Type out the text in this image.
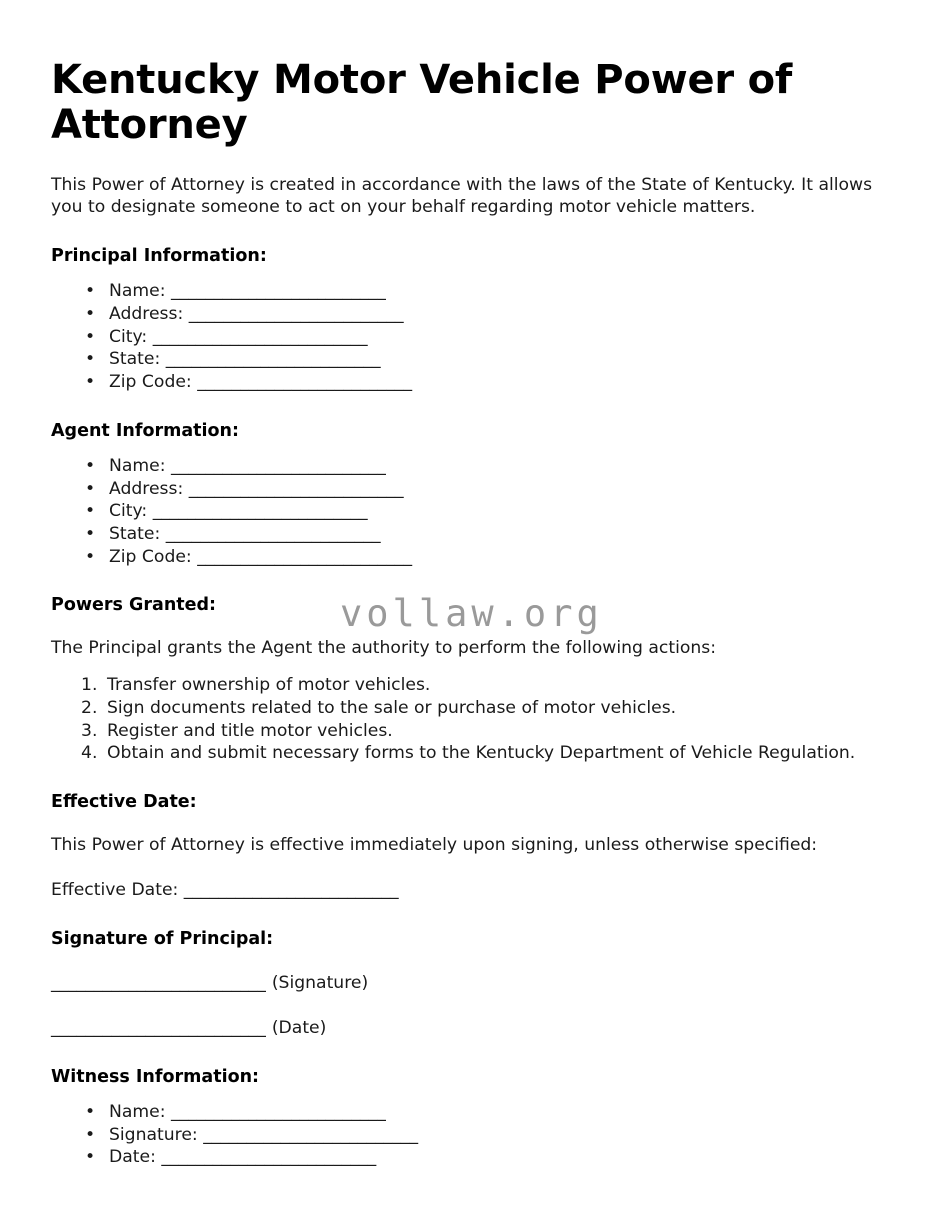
vollaw.org
Kentucky Motor Vehicle Power of Attorney

This Power of Attorney is created in accordance with the laws of the State of Kentucky. It allows you to designate someone to act on your behalf regarding motor vehicle matters.

Principal Information:
• Name: _________________________
• Address: _________________________
• City: _________________________
• State: _________________________
• Zip Code: _________________________
Agent Information:
• Name: _________________________
• Address: _________________________
• City: _________________________
• State: _________________________
• Zip Code: _________________________
Powers Granted:

The Principal grants the Agent the authority to perform the following actions:

Transfer ownership of motor vehicles.
Sign documents related to the sale or purchase of motor vehicles.
Register and title motor vehicles.
Obtain and submit necessary forms to the Kentucky Department of Vehicle Regulation.
Effective Date:

This Power of Attorney is effective immediately upon signing, unless otherwise specified:

Effective Date: _________________________

Signature of Principal:

_________________________ (Signature)

_________________________ (Date)

Witness Information:
• Name: _________________________
• Signature: _________________________
• Date: _________________________
